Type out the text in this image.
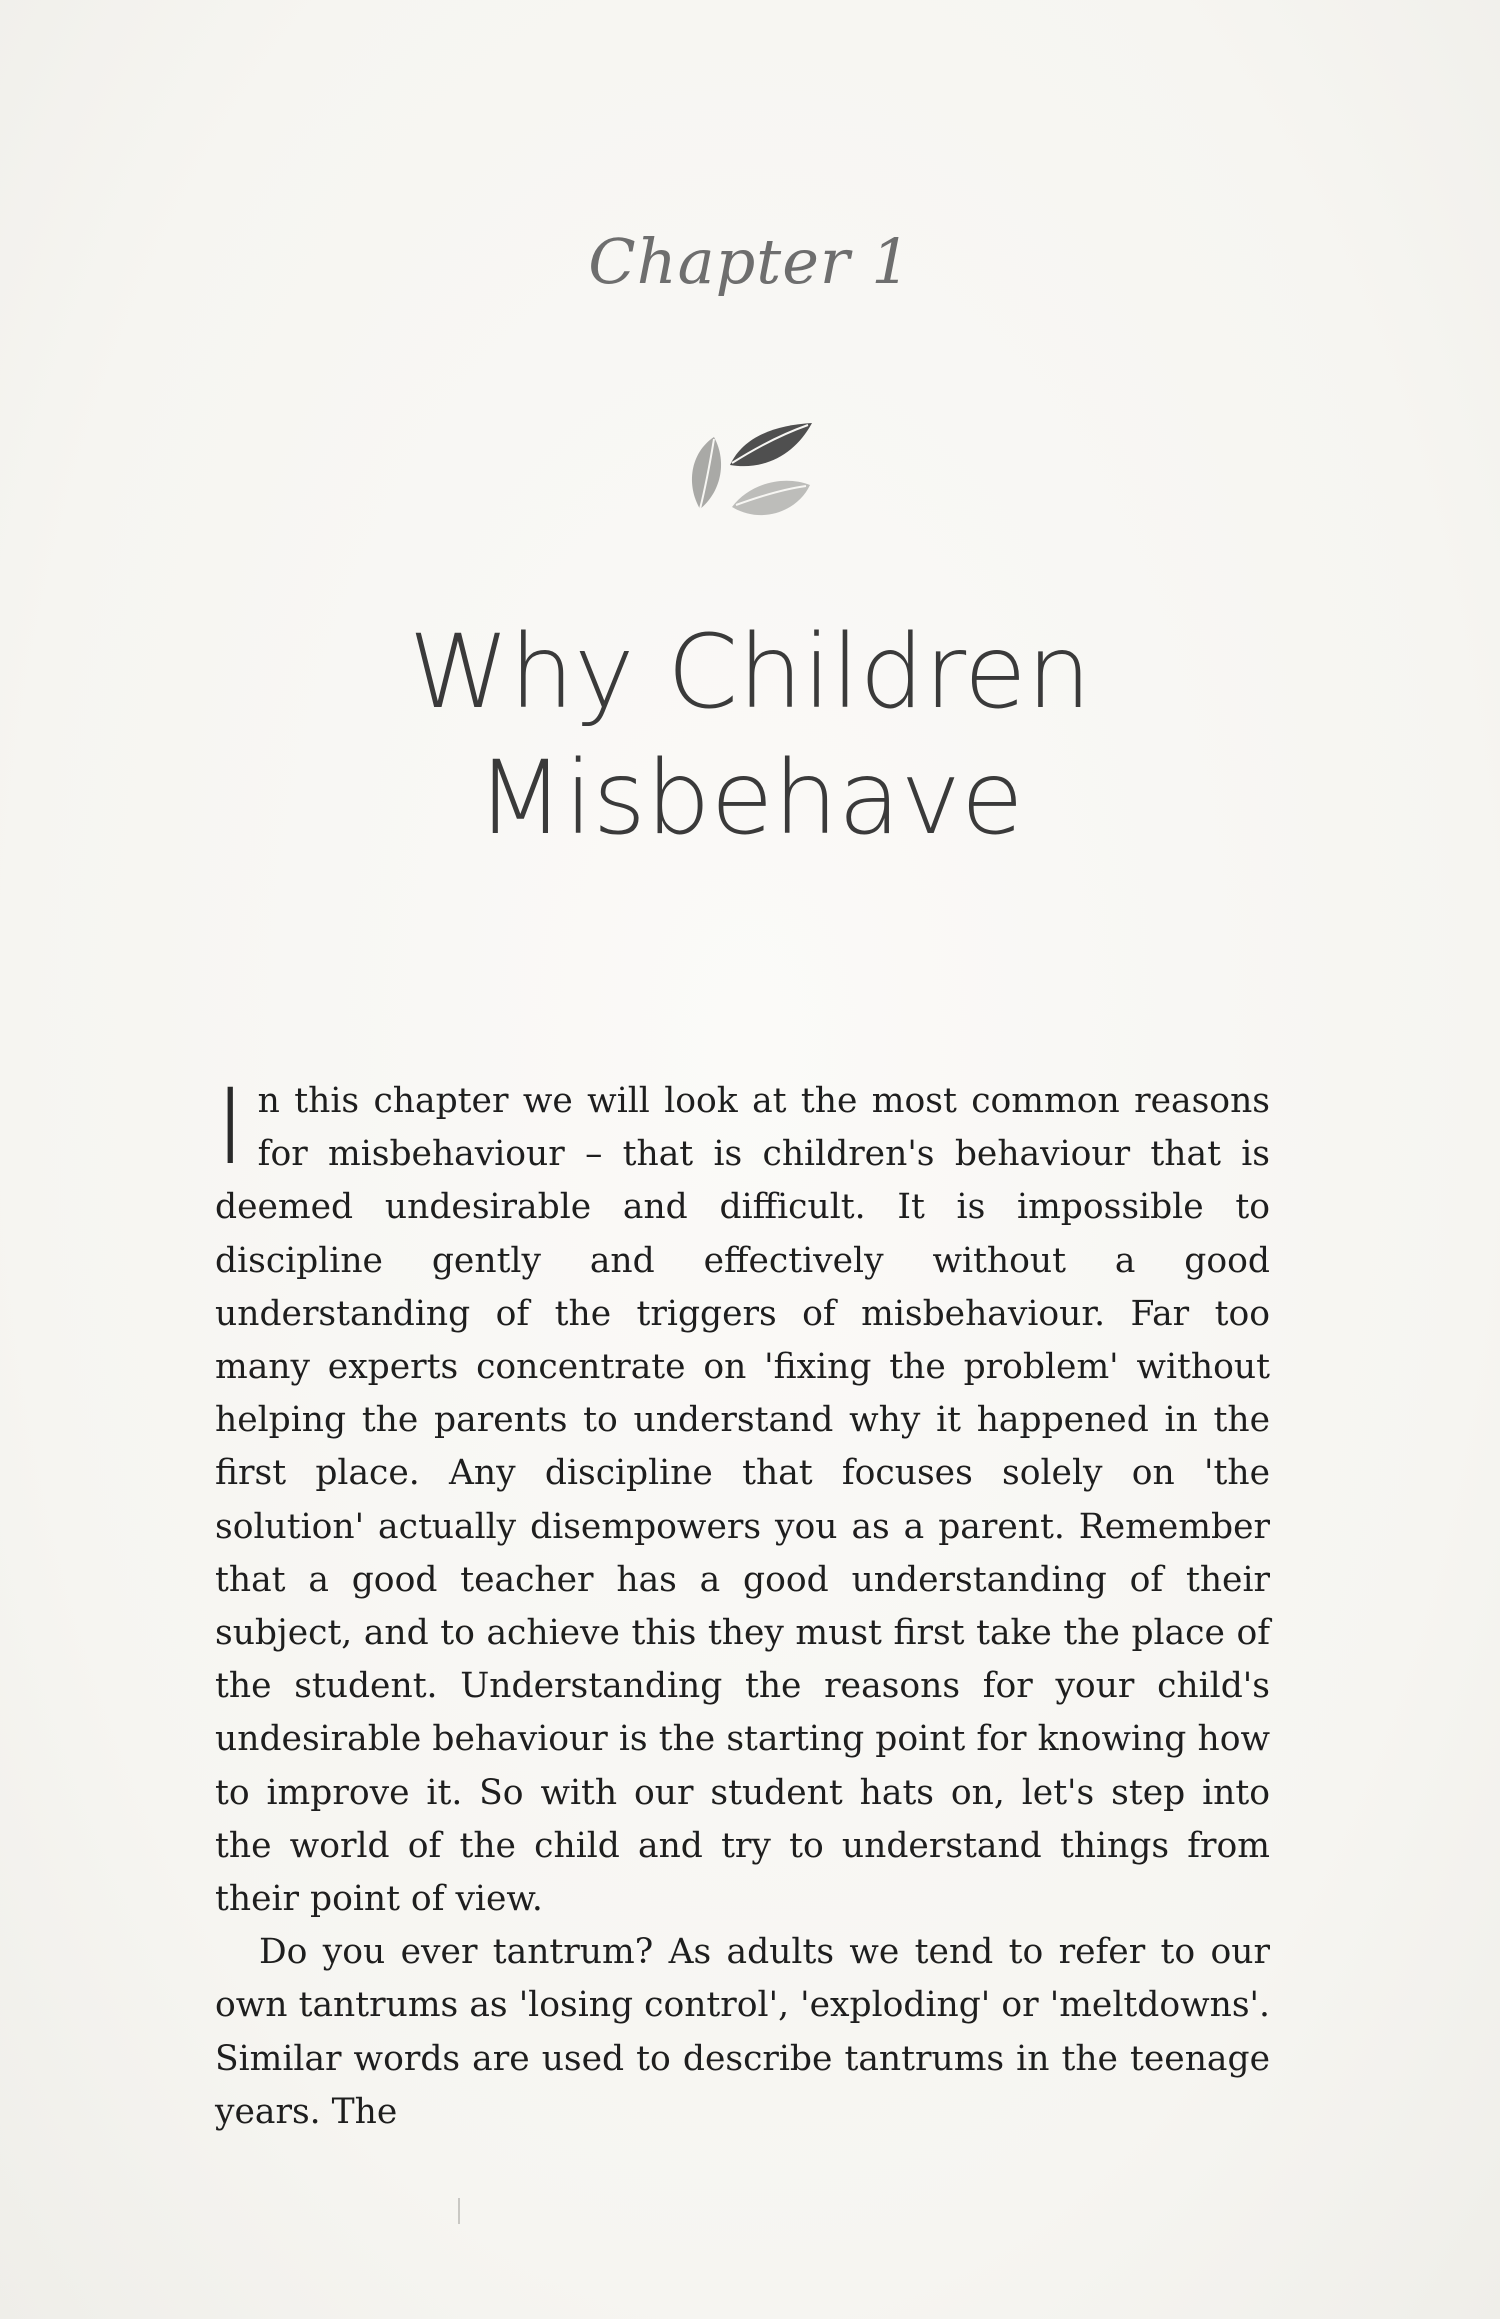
Chapter 1
Why Children
Misbehave

In this chapter we will look at the most common reasons for misbehaviour – that is children's behaviour that is deemed undesirable and difficult. It is impossible to discipline gently and effectively without a good understanding of the triggers of misbehaviour. Far too many experts concentrate on 'fixing the problem' without helping the parents to understand why it happened in the first place. Any discipline that focuses solely on 'the solution' actually disempowers you as a parent. Remember that a good teacher has a good understanding of their subject, and to achieve this they must first take the place of the student. Understanding the reasons for your child's undesirable behaviour is the starting point for knowing how to improve it. So with our student hats on, let's step into the world of the child and try to understand things from their point of view.

Do you ever tantrum? As adults we tend to refer to our own tantrums as 'losing control', 'exploding' or 'meltdowns'. Similar words are used to describe tantrums in the teenage years. The
